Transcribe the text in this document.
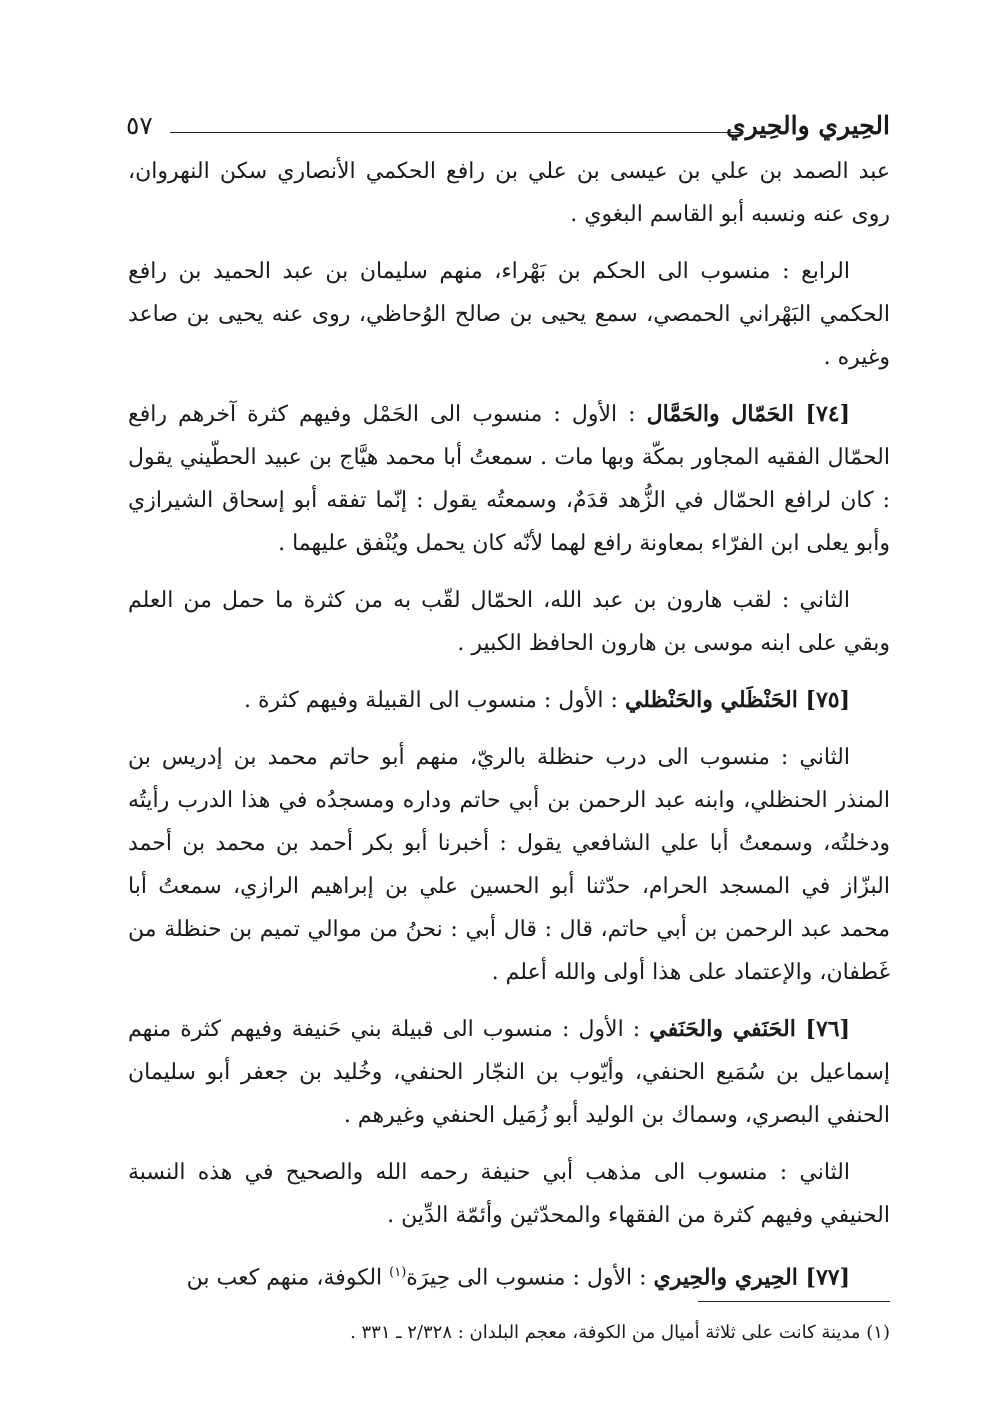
الحِيري والحِيري
٥٧

عبد الصمد بن علي بن عيسى بن علي بن رافع الحكمي الأنصاري سكن النهروان، روى عنه ونسبه أبو القاسم البغوي .

الرابع : منسوب الى الحكم بن بَهْراء، منهم سليمان بن عبد الحميد بن رافع الحكمي البَهْراني الحمصي، سمع يحيى بن صالح الوُحاظي، روى عنه يحيى بن صاعد وغيره .

[٧٤] الحَمّال والحَمَّال : الأول : منسوب الى الحَمْل وفيهم كثرة آخرهم رافع الحمّال الفقيه المجاور بمكّة وبها مات . سمعتُ أبا محمد هيَّاج بن عبيد الحطّيني يقول : كان لرافع الحمّال في الزُّهد قدَمٌ، وسمعتُه يقول : إنّما تفقه أبو إسحاق الشيرازي وأبو يعلى ابن الفرّاء بمعاونة رافع لهما لأنّه كان يحمل ويُنْفق عليهما .

الثاني : لقب هارون بن عبد الله، الحمّال لقّب به من كثرة ما حمل من العلم وبقي على ابنه موسى بن هارون الحافظ الكبير .

[٧٥] الحَنْظَلي والحَنْظلي : الأول : منسوب الى القبيلة وفيهم كثرة .

الثاني : منسوب الى درب حنظلة بالريّ، منهم أبو حاتم محمد بن إدريس بن المنذر الحنظلي، وابنه عبد الرحمن بن أبي حاتم وداره ومسجدُه في هذا الدرب رأيتُه ودخلتُه، وسمعتُ أبا علي الشافعي يقول : أخبرنا أبو بكر أحمد بن محمد بن أحمد البزّاز في المسجد الحرام، حدّثنا أبو الحسين علي بن إبراهيم الرازي، سمعتُ أبا محمد عبد الرحمن بن أبي حاتم، قال : قال أبي : نحنُ من موالي تميم بن حنظلة من غَطفان، والإعتماد على هذا أولى والله أعلم .

[٧٦] الحَنَفي والحَنَفي : الأول : منسوب الى قبيلة بني حَنيفة وفيهم كثرة منهم إسماعيل بن سُمَيع الحنفي، وأيّوب بن النجّار الحنفي، وخُليد بن جعفر أبو سليمان الحنفي البصري، وسماك بن الوليد أبو زُمَيل الحنفي وغيرهم .

الثاني : منسوب الى مذهب أبي حنيفة رحمه الله والصحيح في هذه النسبة الحنيفي وفيهم كثرة من الفقهاء والمحدّثين وأئمّة الدِّين .

[٧٧] الحِيري والحِيري : الأول : منسوب الى حِيرَة$^{(١)}$ الكوفة، منهم كعب بن

(١) مدينة كانت على ثلاثة أميال من الكوفة، معجم البلدان : ٢/٣٢٨ ـ ٣٣١ .
